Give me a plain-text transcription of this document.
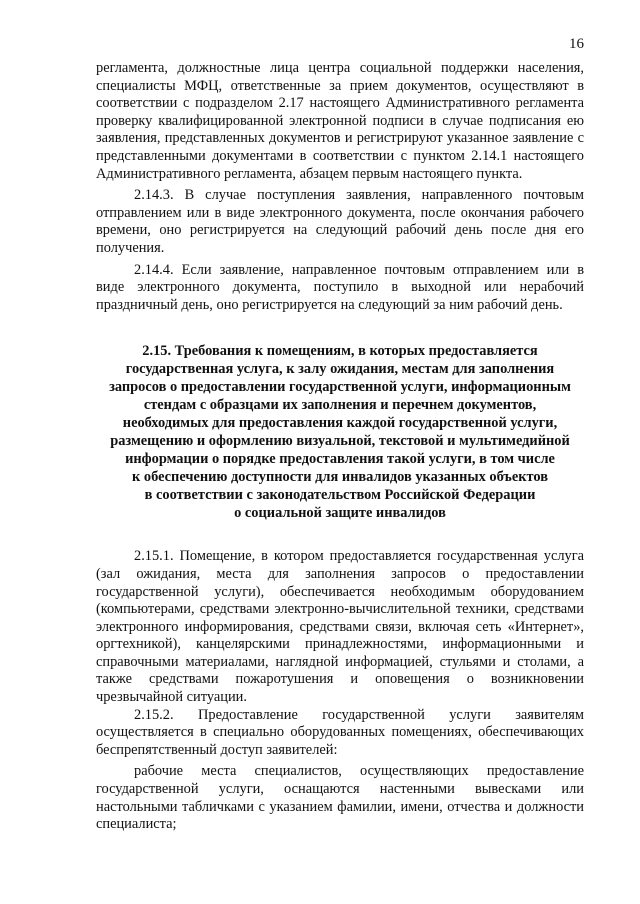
16

регламента, должностные лица центра социальной поддержки населения, специалисты МФЦ, ответственные за прием документов, осуществляют в соответствии с подразделом 2.17 настоящего Административного регламента проверку квалифицированной электронной подписи в случае подписания ею заявления, представленных документов и регистрируют указанное заявление с представленными документами в соответствии с пунктом 2.14.1 настоящего Административного регламента, абзацем первым настоящего пункта.

2.14.3. В случае поступления заявления, направленного почтовым отправлением или в виде электронного документа, после окончания рабочего времени, оно регистрируется на следующий рабочий день после дня его получения.

2.14.4. Если заявление, направленное почтовым отправлением или в виде электронного документа, поступило в выходной или нерабочий праздничный день, оно регистрируется на следующий за ним рабочий день.

2.15. Требования к помещениям, в которых предоставляется
государственная услуга, к залу ожидания, местам для заполнения
запросов о предоставлении государственной услуги, информационным
стендам с образцами их заполнения и перечнем документов,
необходимых для предоставления каждой государственной услуги,
размещению и оформлению визуальной, текстовой и мультимедийной
информации о порядке предоставления такой услуги, в том числе
к обеспечению доступности для инвалидов указанных объектов
в соответствии с законодательством Российской Федерации
о социальной защите инвалидов

2.15.1. Помещение, в котором предоставляется государственная услуга (зал ожидания, места для заполнения запросов о предоставлении государственной услуги), обеспечивается необходимым оборудованием (компьютерами, средствами электронно-вычислительной техники, средствами электронного информирования, средствами связи, включая сеть «Интернет», оргтехникой), канцелярскими принадлежностями, информационными и справочными материалами, наглядной информацией, стульями и столами, а также средствами пожаротушения и оповещения о возникновении чрезвычайной ситуации.

2.15.2. Предоставление государственной услуги заявителям осуществляется в специально оборудованных помещениях, обеспечивающих беспрепятственный доступ заявителей:

рабочие места специалистов, осуществляющих предоставление государственной услуги, оснащаются настенными вывесками или настольными табличками с указанием фамилии, имени, отчества и должности специалиста;
